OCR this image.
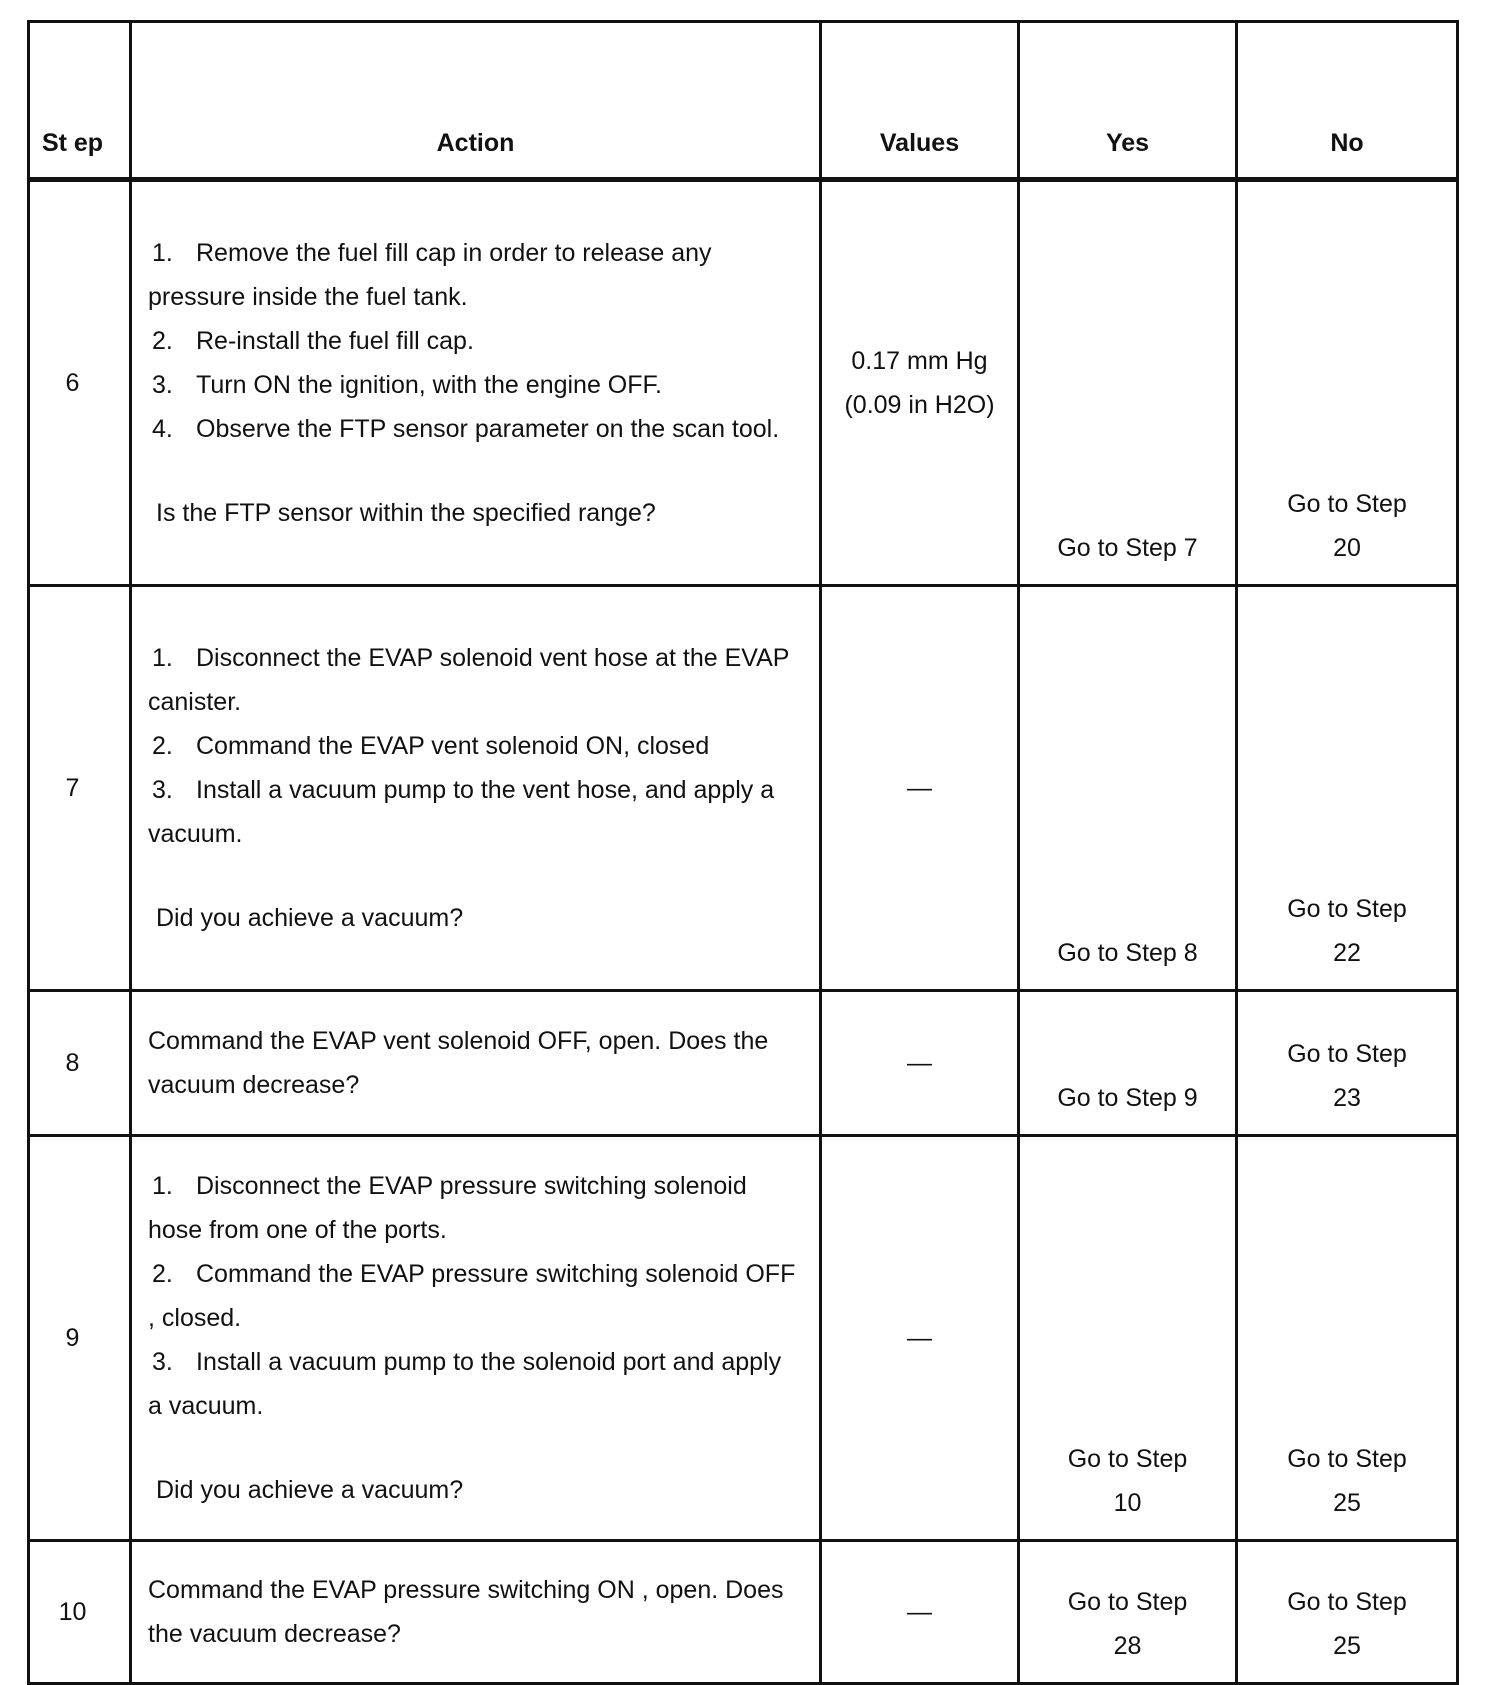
St ep	Action	Values	Yes	No
6	1. Remove the fuel fill cap in order to release any pressure inside the fuel tank.
2. Re-install the fuel fill cap.
3. Turn ON the ignition, with the engine OFF.
4. Observe the FTP sensor parameter on the scan tool.
Is the FTP sensor within the specified range?	0.17 mm Hg (0.09 in H2O)	Go to Step 7	Go to Step 20
7	1. Disconnect the EVAP solenoid vent hose at the EVAP canister.
2. Command the EVAP vent solenoid ON, closed
3. Install a vacuum pump to the vent hose, and apply a vacuum.
Did you achieve a vacuum?	—	Go to Step 8	Go to Step 22
8	Command the EVAP vent solenoid OFF, open. Does the vacuum decrease?	—	Go to Step 9	Go to Step 23
9	1. Disconnect the EVAP pressure switching solenoid hose from one of the ports.
2. Command the EVAP pressure switching solenoid OFF , closed.
3. Install a vacuum pump to the solenoid port and apply a vacuum.
Did you achieve a vacuum?	—	Go to Step 10	Go to Step 25
10	Command the EVAP pressure switching ON , open. Does the vacuum decrease?	—	Go to Step 28	Go to Step 25
